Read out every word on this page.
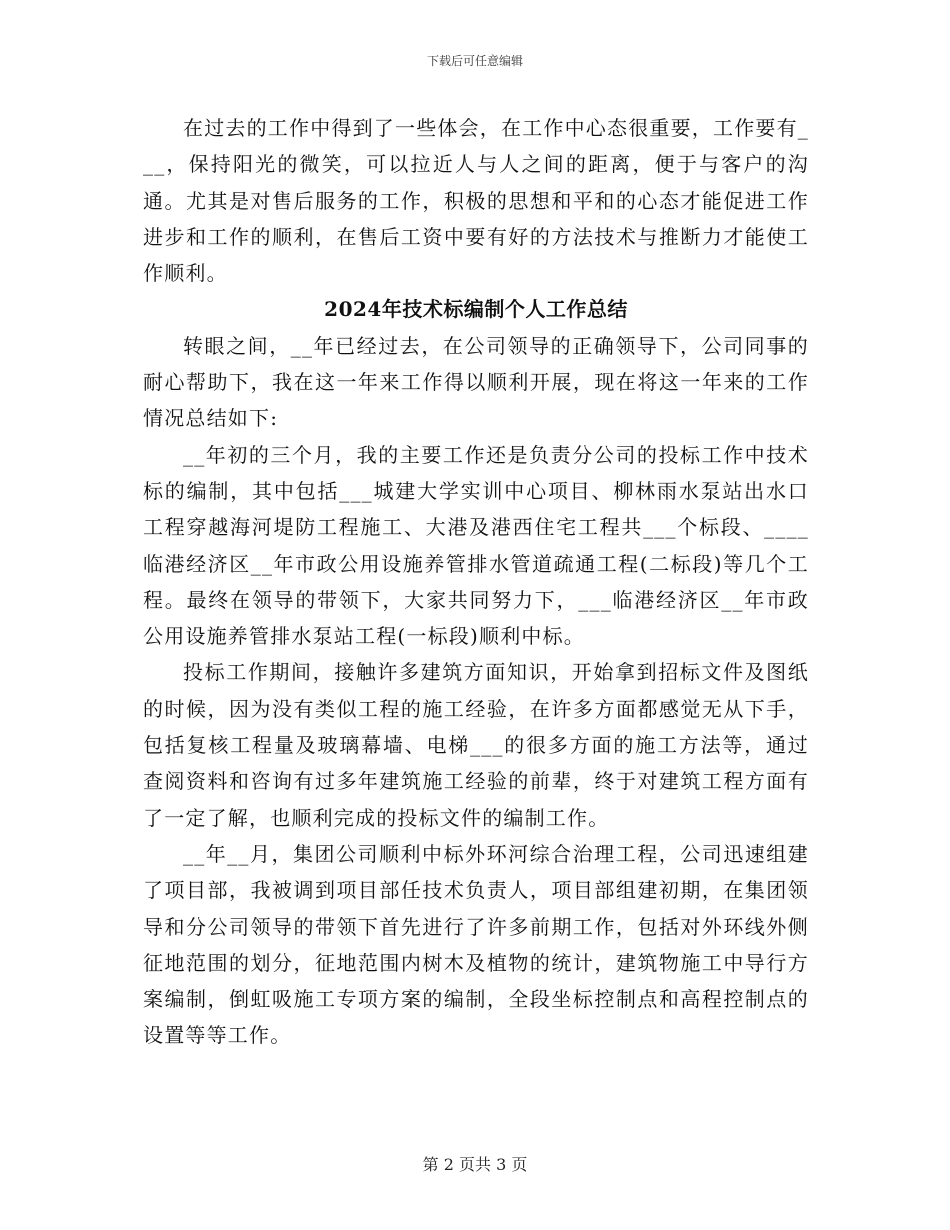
下载后可任意编辑

在过去的工作中得到了一些体会，在工作中心态很重要，工作要有___，保持阳光的微笑，可以拉近人与人之间的距离，便于与客户的沟通。尤其是对售后服务的工作，积极的思想和平和的心态才能促进工作进步和工作的顺利，在售后工资中要有好的方法技术与推断力才能使工作顺利。

2024年技术标编制个人工作总结

转眼之间，__年已经过去，在公司领导的正确领导下，公司同事的耐心帮助下，我在这一年来工作得以顺利开展，现在将这一年来的工作情况总结如下:

__年初的三个月，我的主要工作还是负责分公司的投标工作中技术标的编制，其中包括___城建大学实训中心项目、柳林雨水泵站出水口工程穿越海河堤防工程施工、大港及港西住宅工程共___个标段、____临港经济区__年市政公用设施养管排水管道疏通工程(二标段)等几个工程。最终在领导的带领下，大家共同努力下，___临港经济区__年市政公用设施养管排水泵站工程(一标段)顺利中标。

投标工作期间，接触许多建筑方面知识，开始拿到招标文件及图纸的时候，因为没有类似工程的施工经验，在许多方面都感觉无从下手，包括复核工程量及玻璃幕墙、电梯___的很多方面的施工方法等，通过查阅资料和咨询有过多年建筑施工经验的前辈，终于对建筑工程方面有了一定了解，也顺利完成的投标文件的编制工作。

__年__月，集团公司顺利中标外环河综合治理工程，公司迅速组建了项目部，我被调到项目部任技术负责人，项目部组建初期，在集团领导和分公司领导的带领下首先进行了许多前期工作，包括对外环线外侧征地范围的划分，征地范围内树木及植物的统计，建筑物施工中导行方案编制，倒虹吸施工专项方案的编制，全段坐标控制点和高程控制点的设置等等工作。

第 2 页共 3 页
